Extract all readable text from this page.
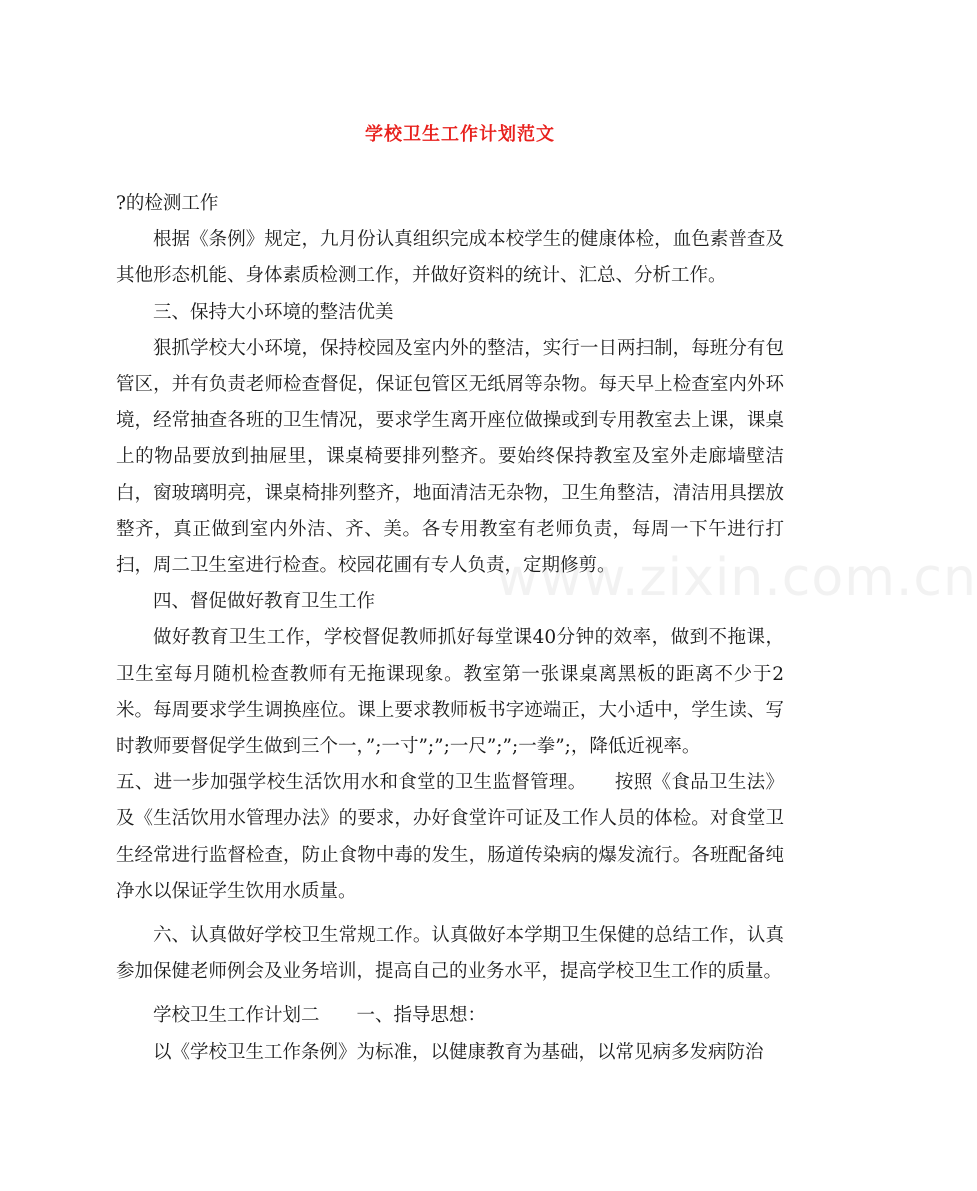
学校卫生工作计划范文
www.zixin.com.cn

?的检测工作

根据《条例》规定，九月份认真组织完成本校学生的健康体检，血色素普查及其他形态机能、身体素质检测工作，并做好资料的统计、汇总、分析工作。

三、保持大小环境的整洁优美

狠抓学校大小环境，保持校园及室内外的整洁，实行一日两扫制，每班分有包管区，并有负责老师检查督促，保证包管区无纸屑等杂物。每天早上检查室内外环境，经常抽查各班的卫生情况，要求学生离开座位做操或到专用教室去上课，课桌上的物品要放到抽屉里，课桌椅要排列整齐。要始终保持教室及室外走廊墙壁洁白，窗玻璃明亮，课桌椅排列整齐，地面清洁无杂物，卫生角整洁，清洁用具摆放整齐，真正做到室内外洁、齐、美。各专用教室有老师负责，每周一下午进行打扫，周二卫生室进行检查。校园花圃有专人负责，定期修剪。

四、督促做好教育卫生工作

做好教育卫生工作，学校督促教师抓好每堂课40分钟的效率，做到不拖课，卫生室每月随机检查教师有无拖课现象。教室第一张课桌离黑板的距离不少于2米。每周要求学生调换座位。课上要求教师板书字迹端正，大小适中，学生读、写时教师要督促学生做到三个一，”;一寸”;”;一尺”;”;一拳”;，降低近视率。

五、进一步加强学校生活饮用水和食堂的卫生监督管理。　　按照《食品卫生法》及《生活饮用水管理办法》的要求，办好食堂许可证及工作人员的体检。对食堂卫生经常进行监督检查，防止食物中毒的发生，肠道传染病的爆发流行。各班配备纯净水以保证学生饮用水质量。

六、认真做好学校卫生常规工作。认真做好本学期卫生保健的总结工作，认真参加保健老师例会及业务培训，提高自己的业务水平，提高学校卫生工作的质量。

学校卫生工作计划二　　一、指导思想：

以《学校卫生工作条例》为标准，以健康教育为基础，以常见病多发病防治
